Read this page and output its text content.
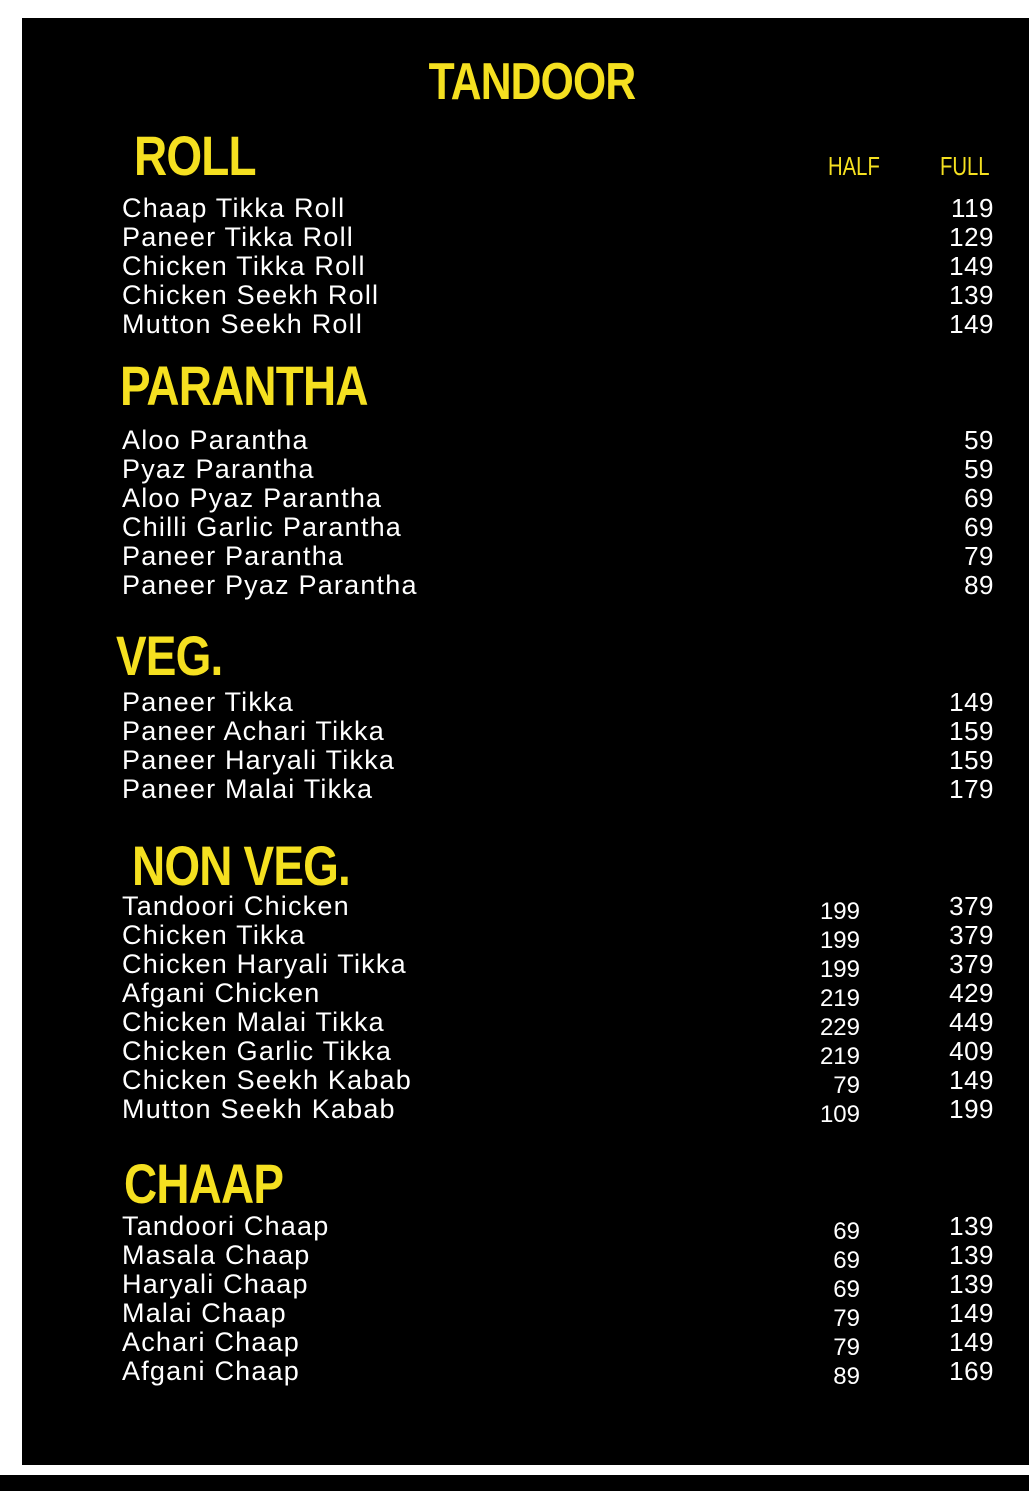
TANDOOR
HALF FULL
ROLL
Chaap Tikka Roll	119
Paneer Tikka Roll	129
Chicken Tikka Roll	149
Chicken Seekh Roll	139
Mutton Seekh Roll	149
PARANTHA
Aloo Parantha	59
Pyaz Parantha	59
Aloo Pyaz Parantha	69
Chilli Garlic Parantha	69
Paneer Parantha	79
Paneer Pyaz Parantha	89
VEG.
Paneer Tikka	149
Paneer Achari Tikka	159
Paneer Haryali Tikka	159
Paneer Malai Tikka	179
NON VEG.
Tandoori Chicken	199	379
Chicken Tikka	199	379
Chicken Haryali Tikka	199	379
Afgani Chicken	219	429
Chicken Malai Tikka	229	449
Chicken Garlic Tikka	219	409
Chicken Seekh Kabab	79	149
Mutton Seekh Kabab	109	199
CHAAP
Tandoori Chaap	69	139
Masala Chaap	69	139
Haryali Chaap	69	139
Malai Chaap	79	149
Achari Chaap	79	149
Afgani Chaap	89	169
